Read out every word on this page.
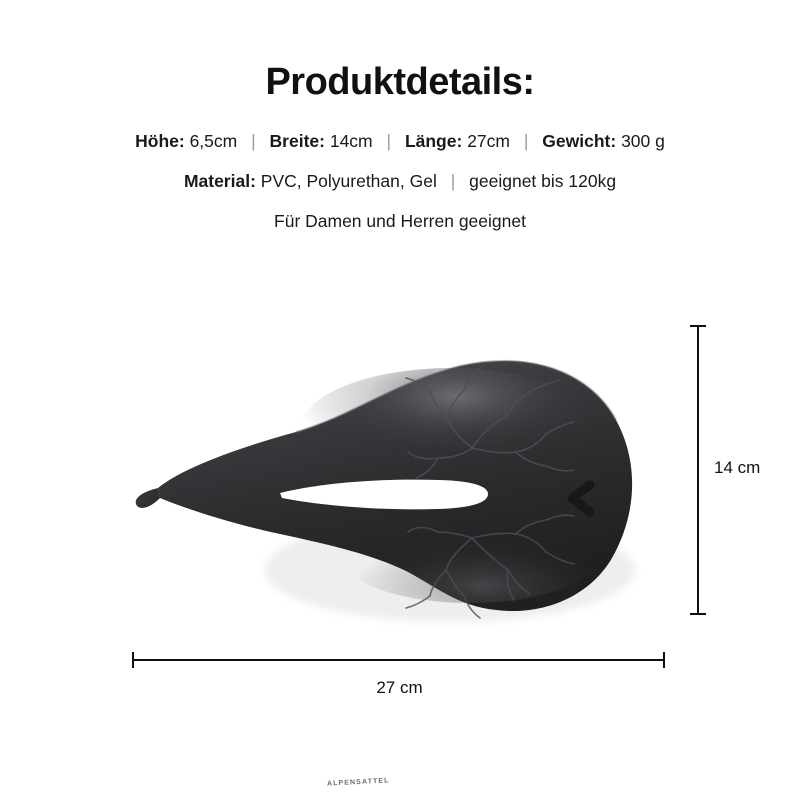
Produktdetails:
Höhe: 6,5cm | Breite: 14cm | Länge: 27cm | Gewicht: 300 g
Material: PVC, Polyurethan, Gel | geeignet bis 120kg
Für Damen und Herren geeignet
ALPENSATTEL
14 cm
27 cm
